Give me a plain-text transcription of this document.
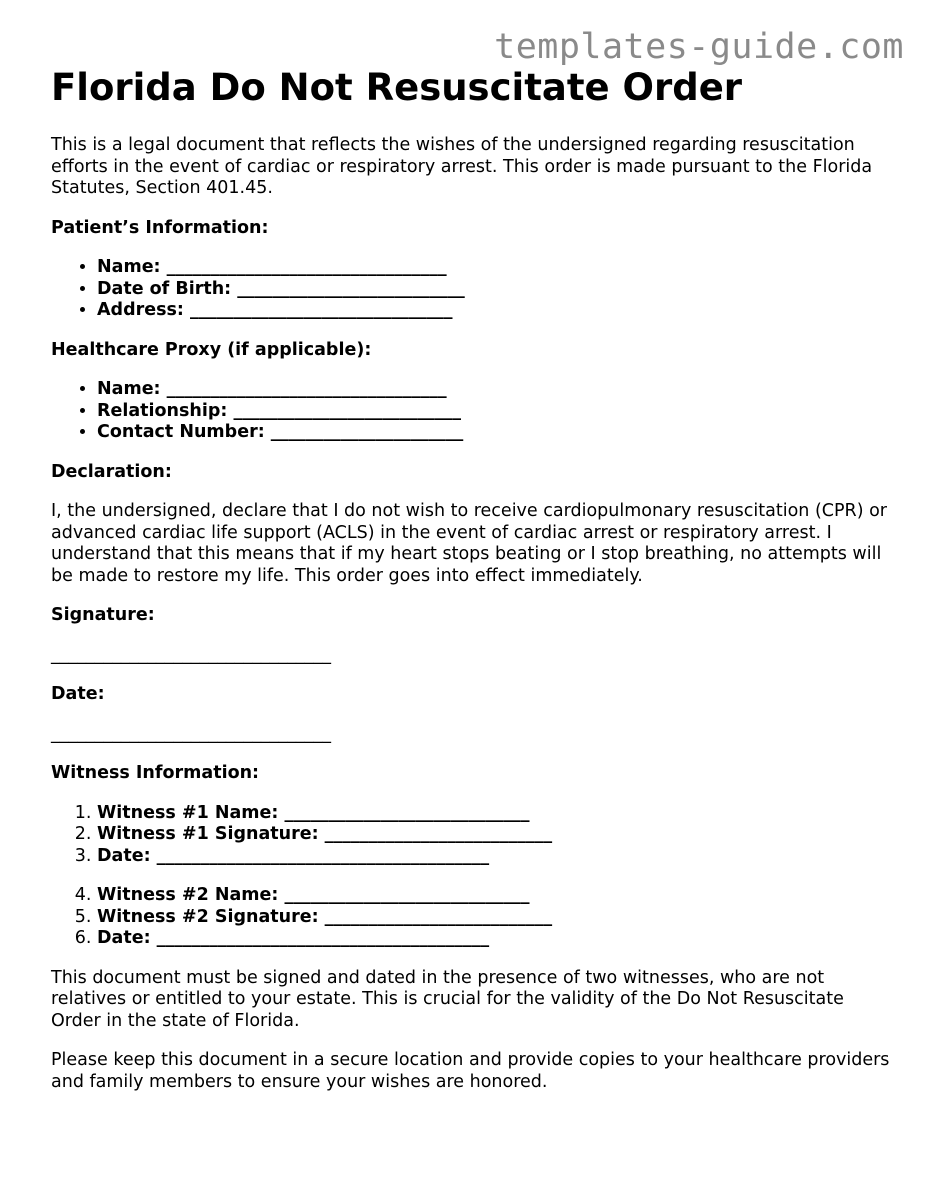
templates-guide.com
Florida Do Not Resuscitate Order

This is a legal document that reflects the wishes of the undersigned regarding resuscitation efforts in the event of cardiac or respiratory arrest. This order is made pursuant to the Florida Statutes, Section 401.45.

Patient’s Information:

• Name: ________________________________
• Date of Birth: __________________________
• Address: ______________________________

Healthcare Proxy (if applicable):

• Name: ________________________________
• Relationship: __________________________
• Contact Number: ______________________

Declaration:

I, the undersigned, declare that I do not wish to receive cardiopulmonary resuscitation (CPR) or advanced cardiac life support (ACLS) in the event of cardiac arrest or respiratory arrest. I understand that this means that if my heart stops beating or I stop breathing, no attempts will be made to restore my life. This order goes into effect immediately.

Signature:

________________________________

Date:

________________________________

Witness Information:

1. Witness #1 Name: ____________________________
2. Witness #1 Signature: __________________________
3. Date: ______________________________________
4. Witness #2 Name: ____________________________
5. Witness #2 Signature: __________________________
6. Date: ______________________________________

This document must be signed and dated in the presence of two witnesses, who are not relatives or entitled to your estate. This is crucial for the validity of the Do Not Resuscitate Order in the state of Florida.

Please keep this document in a secure location and provide copies to your healthcare providers and family members to ensure your wishes are honored.
